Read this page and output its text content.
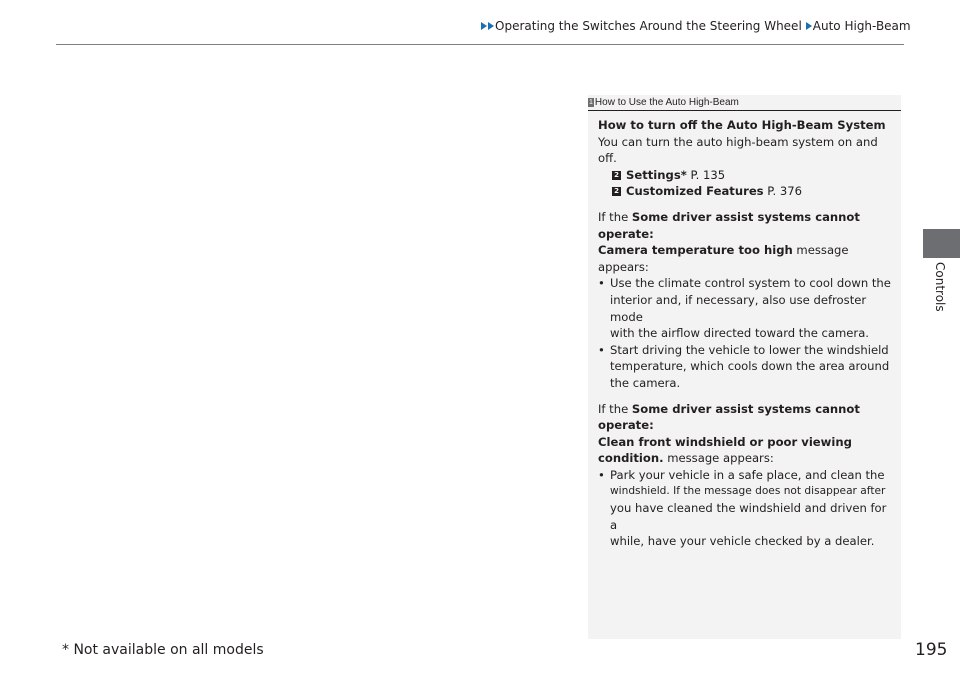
Operating the Switches Around the Steering Wheel Auto High-Beam
Controls
1 How to Use the Auto High-Beam

How to turn off the Auto High-Beam System

You can turn the auto high-beam system on and off.

2 Settings *
P. 135

2 Customized Features
P. 376

If the Some driver assist systems cannot operate:

Camera temperature too high message appears:

• Use the climate control system to cool down the

interior and, if necessary, also use defroster mode

with the airflow directed toward the camera.

• Start driving the vehicle to lower the windshield

temperature, which cools down the area around

the camera.

If the Some driver assist systems cannot operate:

Clean front windshield or poor viewing

condition. message appears:

• Park your vehicle in a safe place, and clean the

windshield. If the message does not disappear after

you have cleaned the windshield and driven for a

while, have your vehicle checked by a dealer.

* Not available on all models	195
